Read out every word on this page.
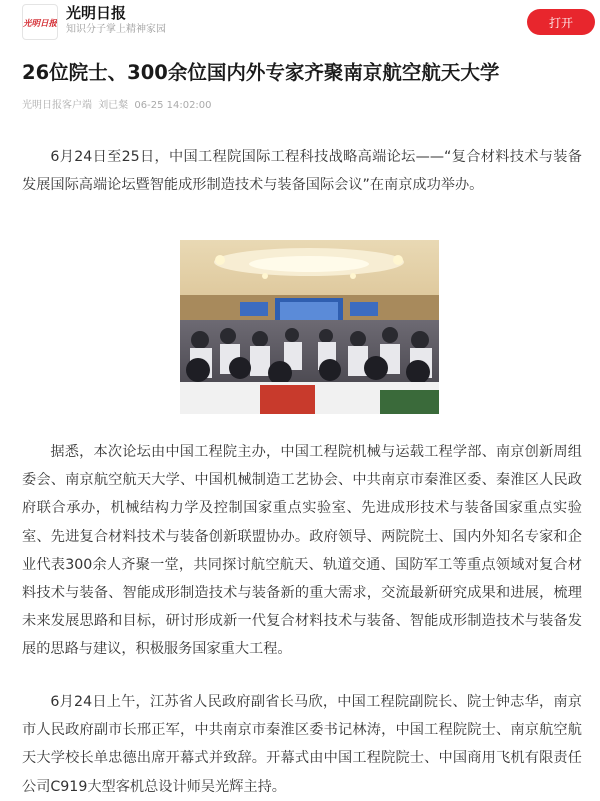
光明日报
光明日报
知识分子掌上精神家园	打开
26位院士、300余位国内外专家齐聚南京航空航天大学
光明日报客户端 刘已粲 06-25 14:02:00

6月24日至25日，中国工程院国际工程科技战略高端论坛——“复合材料技术与装备发展国际高端论坛暨智能成形制造技术与装备国际会议”在南京成功举办。

据悉，本次论坛由中国工程院主办，中国工程院机械与运载工程学部、南京创新周组委会、南京航空航天大学、中国机械制造工艺协会、中共南京市秦淮区委、秦淮区人民政府联合承办，机械结构力学及控制国家重点实验室、先进成形技术与装备国家重点实验室、先进复合材料技术与装备创新联盟协办。政府领导、两院院士、国内外知名专家和企业代表300余人齐聚一堂，共同探讨航空航天、轨道交通、国防军工等重点领域对复合材料技术与装备、智能成形制造技术与装备新的重大需求，交流最新研究成果和进展，梳理未来发展思路和目标，研讨形成新一代复合材料技术与装备、智能成形制造技术与装备发展的思路与建议，积极服务国家重大工程。

6月24日上午，江苏省人民政府副省长马欣，中国工程院副院长、院士钟志华，南京市人民政府副市长邢正军，中共南京市秦淮区委书记林涛，中国工程院院士、南京航空航天大学校长单忠德出席开幕式并致辞。开幕式由中国工程院院士、中国商用飞机有限责任公司C919大型客机总设计师吴光辉主持。
